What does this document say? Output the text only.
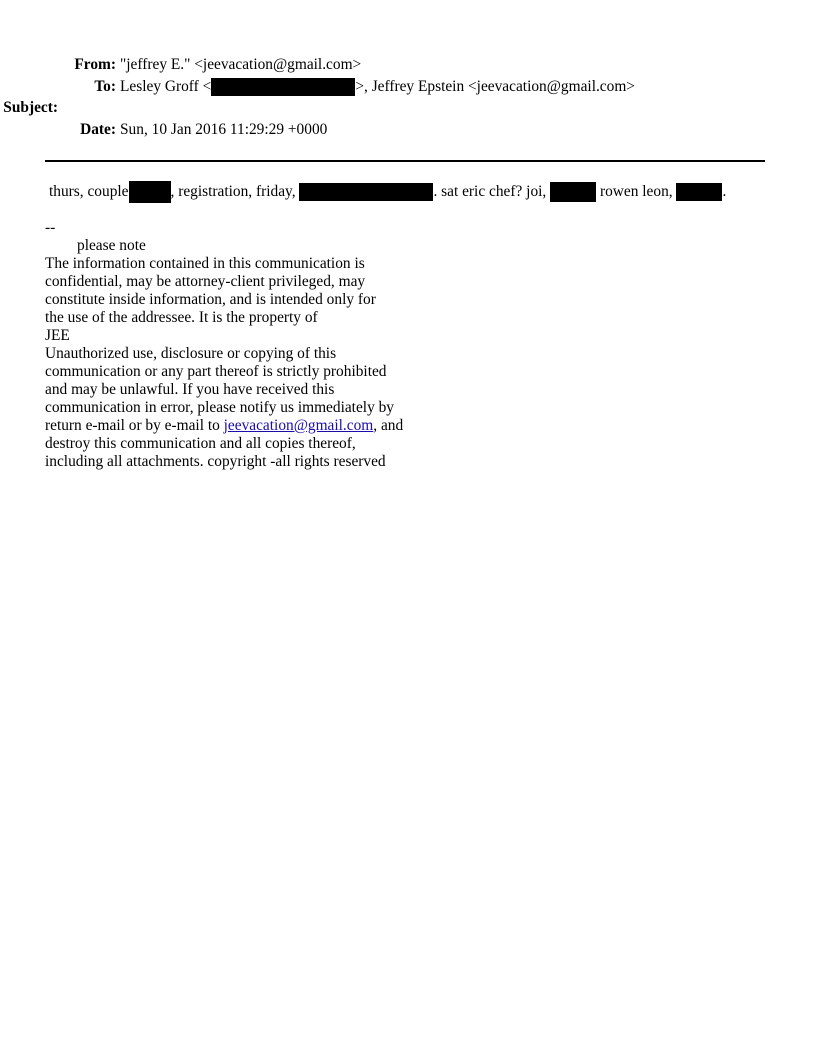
From: "jeffrey E." <jeevacation@gmail.com>
To: Lesley Groff <	>, Jeffrey Epstein <jeevacation@gmail.com>
Subject:
Date: Sun, 10 Jan 2016 11:29:29 +0000
thurs, couple	, registration, friday,	. sat eric chef? joi,	rowen leon,	.
--
please note
The information contained in this communication is
confidential, may be attorney-client privileged, may
constitute inside information, and is intended only for
the use of the addressee. It is the property of
JEE
Unauthorized use, disclosure or copying of this
communication or any part thereof is strictly prohibited
and may be unlawful. If you have received this
communication in error, please notify us immediately by
return e-mail or by e-mail to jeevacation@gmail.com, and
destroy this communication and all copies thereof,
including all attachments. copyright -all rights reserved
